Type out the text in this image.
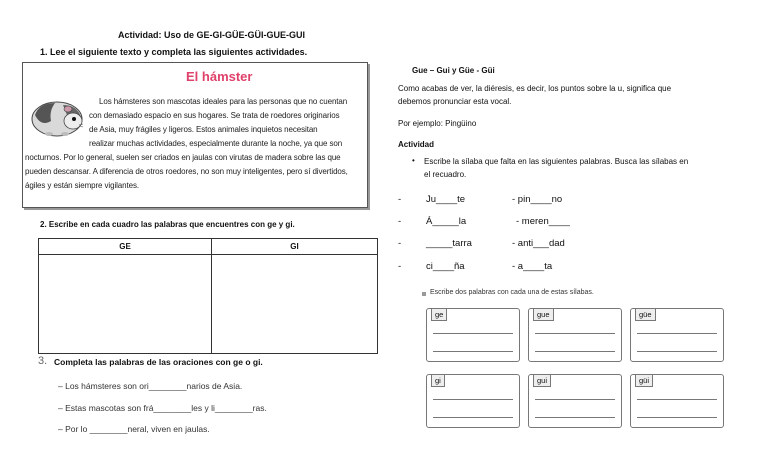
Actividad: Uso de GE-GI-GÜE-GÜI-GUE-GUI
1. Lee el siguiente texto y completa las siguientes actividades.
El hámster
Los hámsteres son mascotas ideales para las personas que no cuentan
con demasiado espacio en sus hogares. Se trata de roedores originarios
de Asia, muy frágiles y ligeros. Estos animales inquietos necesitan
realizar muchas actividades, especialmente durante la noche, ya que son
nocturnos. Por lo general, suelen ser criados en jaulas con virutas de madera sobre las que
pueden descansar. A diferencia de otros roedores, no son muy inteligentes, pero sí divertidos,
ágiles y están siempre vigilantes.
2. Escribe en cada cuadro las palabras que encuentres con ge y gi.
GE	GI
3. Completa las palabras de las oraciones con ge o gi.
– Los hámsteres son ori________narios de Asia.
– Estas mascotas son frá________les y li________ras.
– Por lo ________neral, viven en jaulas.
Gue – Gui y Güe - Güi
Como acabas de ver, la diéresis, es decir, los puntos sobre la u, significa que
debemos pronunciar esta vocal.
Por ejemplo: Pingüino
Actividad
• Escribe la sílaba que falta en las siguientes palabras. Busca las sílabas en
el recuadro.
-	Ju____te	- pin____no
-	Á_____la	- meren____
-	_____tarra	- anti___dad
-	ci____ña	- a____ta
Escribe dos palabras con cada una de estas sílabas.
ge	gue	güe
gi	gui	güi
